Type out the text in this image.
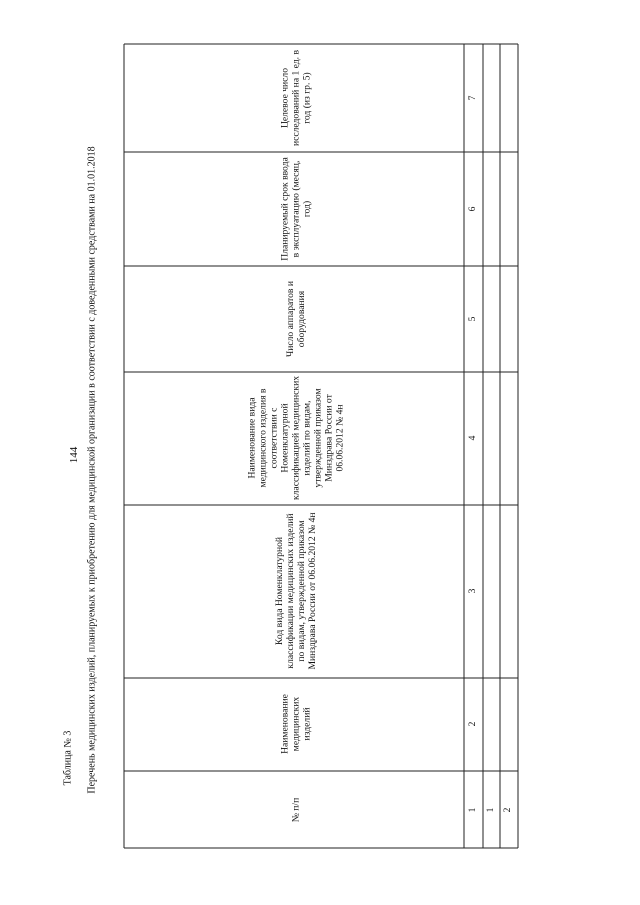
144
Таблица № 3 Перечень медицинских изделий, планируемых к приобретению для медицинской организации в соответствии с доведенными средствами на 01.01.2018
№ п/п
Наименование медицинских изделий
Код вида Номенклатурной классификации медицинских изделий по видам, утвержденной приказом Минздрава России от 06.06.2012 № 4н
Наименование вида медицинского изделия в соответствии с Номенклатурной классификацией медицинских изделий по видам, утвержденной приказом Минздрава России от 06.06.2012 № 4н
Число аппаратов и оборудования
Планируемый срок ввода в эксплуатацию (месяц, год)
Целевое число исследований на 1 ед. в год (из гр. 5)
1
2
3
4
5
6
7
1 2
